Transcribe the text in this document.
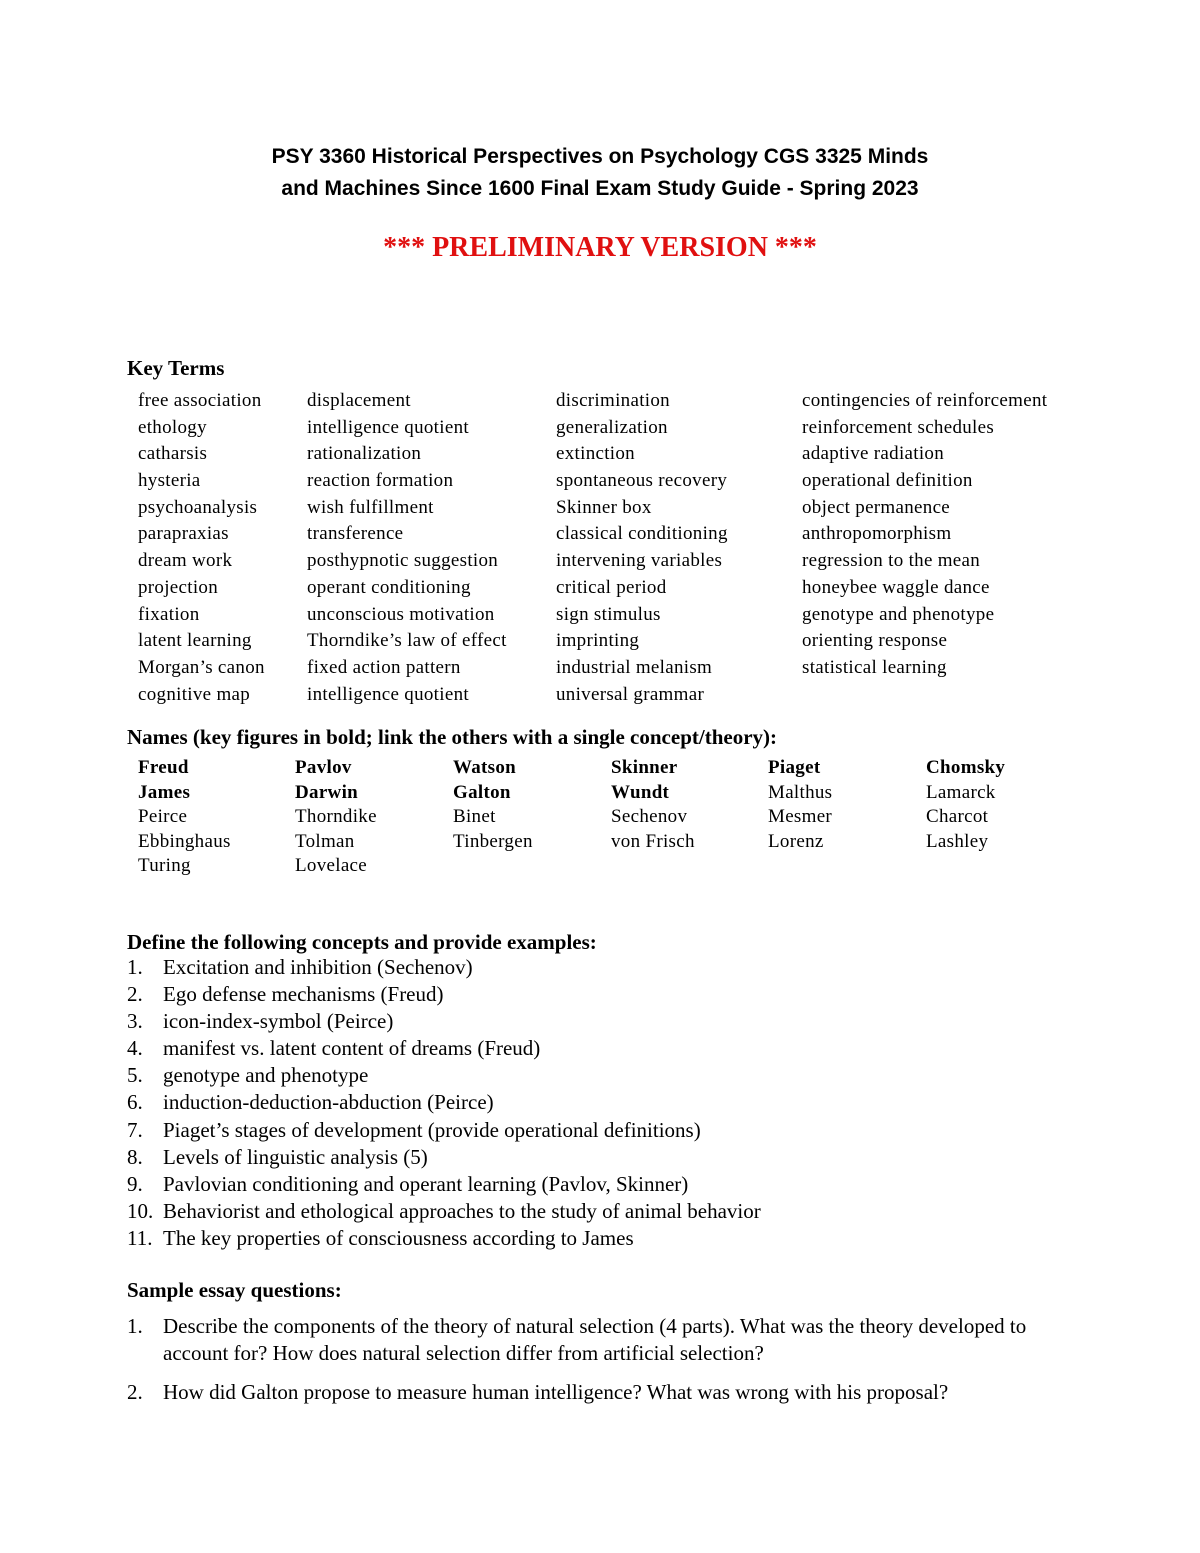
PSY 3360 Historical Perspectives on Psychology CGS 3325 Minds
and Machines Since 1600 Final Exam Study Guide - Spring 2023
*** PRELIMINARY VERSION ***
Key Terms
free association
ethology
catharsis
hysteria
psychoanalysis
parapraxias
dream work
projection
fixation
latent learning
Morgan’s canon
cognitive map
displacement
intelligence quotient
rationalization
reaction formation
wish fulfillment
transference
posthypnotic suggestion
operant conditioning
unconscious motivation
Thorndike’s law of effect
fixed action pattern
intelligence quotient
discrimination
generalization
extinction
spontaneous recovery
Skinner box
classical conditioning
intervening variables
critical period
sign stimulus
imprinting
industrial melanism
universal grammar
contingencies of reinforcement
reinforcement schedules
adaptive radiation
operational definition
object permanence
anthropomorphism
regression to the mean
honeybee waggle dance
genotype and phenotype
orienting response
statistical learning
Names (key figures in bold; link the others with a single concept/theory):
Freud
James
Peirce
Ebbinghaus
Turing
Pavlov
Darwin
Thorndike
Tolman
Lovelace
Watson
Galton
Binet
Tinbergen
Skinner
Wundt
Sechenov
von Frisch
Piaget
Malthus
Mesmer
Lorenz
Chomsky
Lamarck
Charcot
Lashley
Define the following concepts and provide examples:
1. Excitation and inhibition (Sechenov)
2. Ego defense mechanisms (Freud)
3. icon-index-symbol (Peirce)
4. manifest vs. latent content of dreams (Freud)
5. genotype and phenotype
6. induction-deduction-abduction (Peirce)
7. Piaget’s stages of development (provide operational definitions)
8. Levels of linguistic analysis (5)
9. Pavlovian conditioning and operant learning (Pavlov, Skinner)
10. Behaviorist and ethological approaches to the study of animal behavior
11. The key properties of consciousness according to James
Sample essay questions:
1. Describe the components of the theory of natural selection (4 parts). What was the theory developed to account for? How does natural selection differ from artificial selection?
2. How did Galton propose to measure human intelligence? What was wrong with his proposal?
